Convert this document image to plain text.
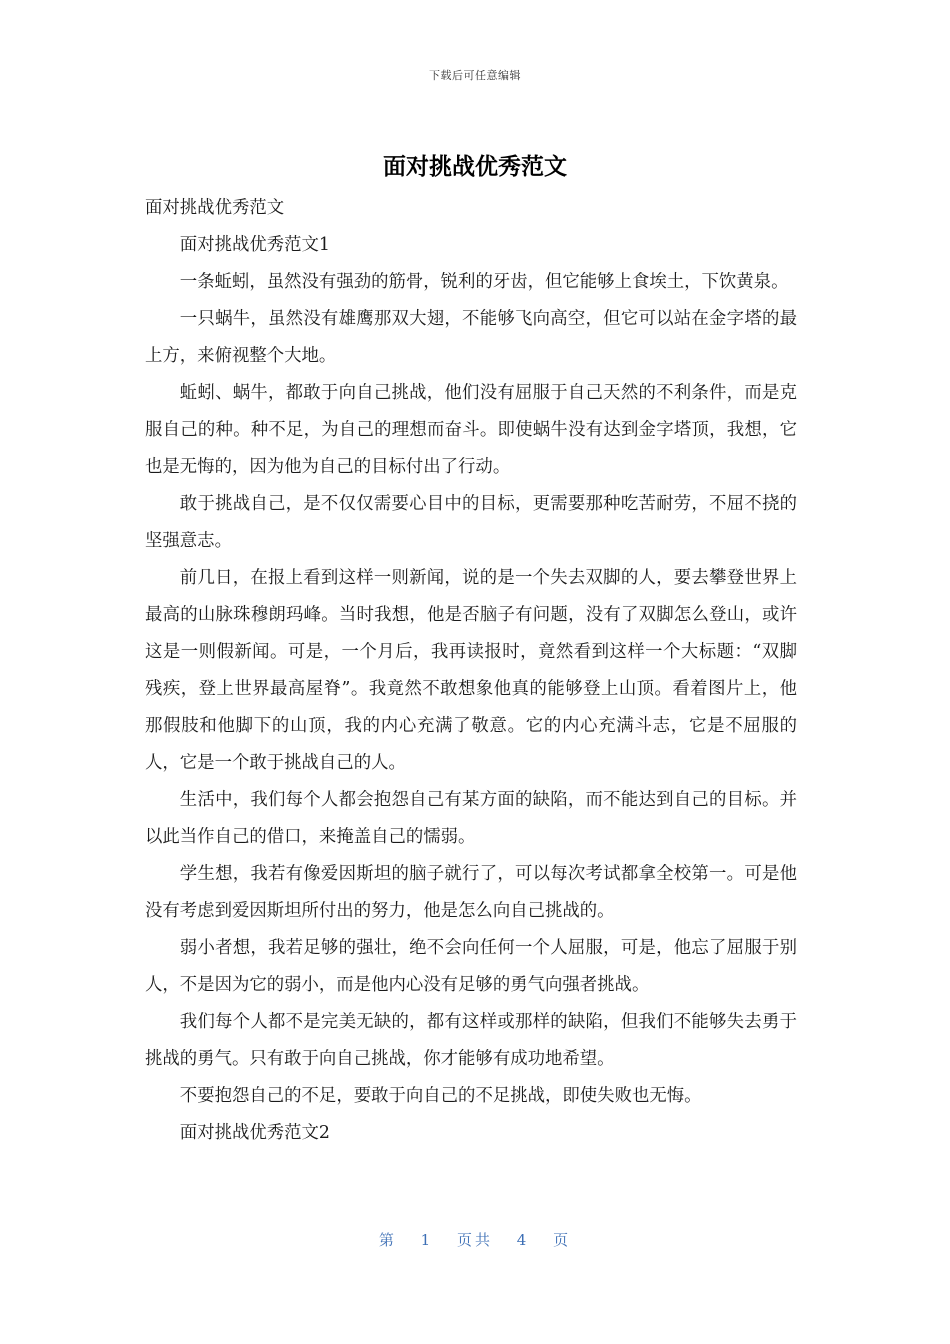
下载后可任意编辑
面对挑战优秀范文

面对挑战优秀范文

面对挑战优秀范文1

一条蚯蚓，虽然没有强劲的筋骨，锐利的牙齿，但它能够上食埃土，下饮黄泉。

一只蜗牛，虽然没有雄鹰那双大翅，不能够飞向高空，但它可以站在金字塔的最上方，来俯视整个大地。

蚯蚓、蜗牛，都敢于向自己挑战，他们没有屈服于自己天然的不利条件，而是克服自己的种。种不足，为自己的理想而奋斗。即使蜗牛没有达到金字塔顶，我想，它也是无悔的，因为他为自己的目标付出了行动。

敢于挑战自己，是不仅仅需要心目中的目标，更需要那种吃苦耐劳，不屈不挠的坚强意志。

前几日，在报上看到这样一则新闻，说的是一个失去双脚的人，要去攀登世界上最高的山脉珠穆朗玛峰。当时我想，他是否脑子有问题，没有了双脚怎么登山，或许这是一则假新闻。可是，一个月后，我再读报时，竟然看到这样一个大标题：“双脚残疾，登上世界最高屋脊”。我竟然不敢想象他真的能够登上山顶。看着图片上，他那假肢和他脚下的山顶，我的内心充满了敬意。它的内心充满斗志，它是不屈服的人，它是一个敢于挑战自己的人。

生活中，我们每个人都会抱怨自己有某方面的缺陷，而不能达到自己的目标。并以此当作自己的借口，来掩盖自己的懦弱。

学生想，我若有像爱因斯坦的脑子就行了，可以每次考试都拿全校第一。可是他没有考虑到爱因斯坦所付出的努力，他是怎么向自己挑战的。

弱小者想，我若足够的强壮，绝不会向任何一个人屈服，可是，他忘了屈服于别人，不是因为它的弱小，而是他内心没有足够的勇气向强者挑战。

我们每个人都不是完美无缺的，都有这样或那样的缺陷，但我们不能够失去勇于挑战的勇气。只有敢于向自己挑战，你才能够有成功地希望。

不要抱怨自己的不足，要敢于向自己的不足挑战，即使失败也无悔。

面对挑战优秀范文2

第 1 页共 4 页
